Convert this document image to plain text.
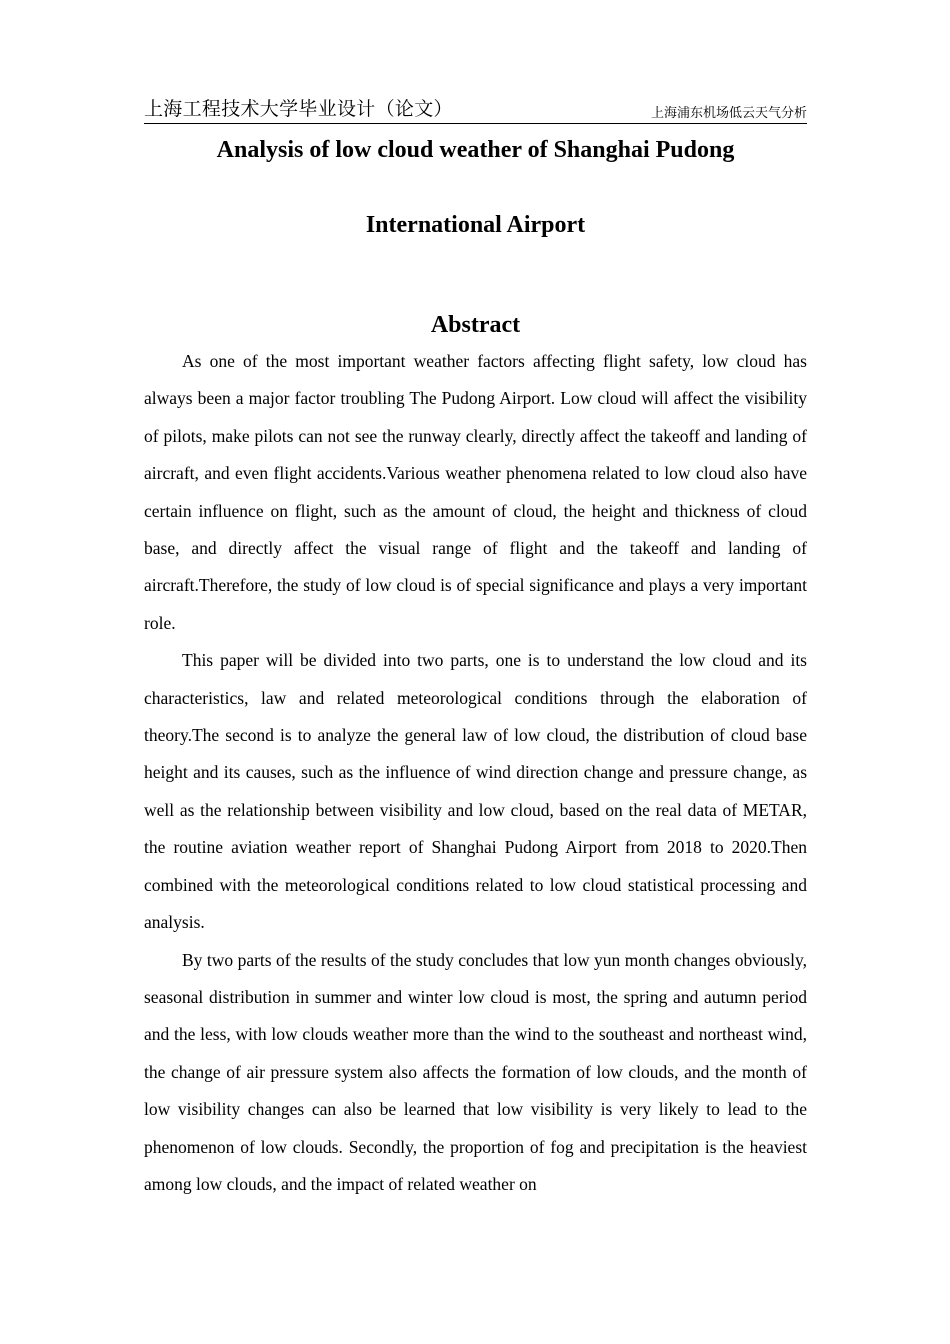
上海工程技术大学毕业设计（论文）	上海浦东机场低云天气分析
Analysis of low cloud weather of Shanghai Pudong
International Airport
Abstract

As one of the most important weather factors affecting flight safety, low cloud has always been a major factor troubling The Pudong Airport. Low cloud will affect the visibility of pilots, make pilots can not see the runway clearly, directly affect the takeoff and landing of aircraft, and even flight accidents.Various weather phenomena related to low cloud also have certain influence on flight, such as the amount of cloud, the height and thickness of cloud base, and directly affect the visual range of flight and the takeoff and landing of aircraft.Therefore, the study of low cloud is of special significance and plays a very important role.

This paper will be divided into two parts, one is to understand the low cloud and its characteristics, law and related meteorological conditions through the elaboration of theory.The second is to analyze the general law of low cloud, the distribution of cloud base height and its causes, such as the influence of wind direction change and pressure change, as well as the relationship between visibility and low cloud, based on the real data of METAR, the routine aviation weather report of Shanghai Pudong Airport from 2018 to 2020.Then combined with the meteorological conditions related to low cloud statistical processing and analysis.

By two parts of the results of the study concludes that low yun month changes obviously, seasonal distribution in summer and winter low cloud is most, the spring and autumn period and the less, with low clouds weather more than the wind to the southeast and northeast wind, the change of air pressure system also affects the formation of low clouds, and the month of low visibility changes can also be learned that low visibility is very likely to lead to the phenomenon of low clouds. Secondly, the proportion of fog and precipitation is the heaviest among low clouds, and the impact of related weather on
